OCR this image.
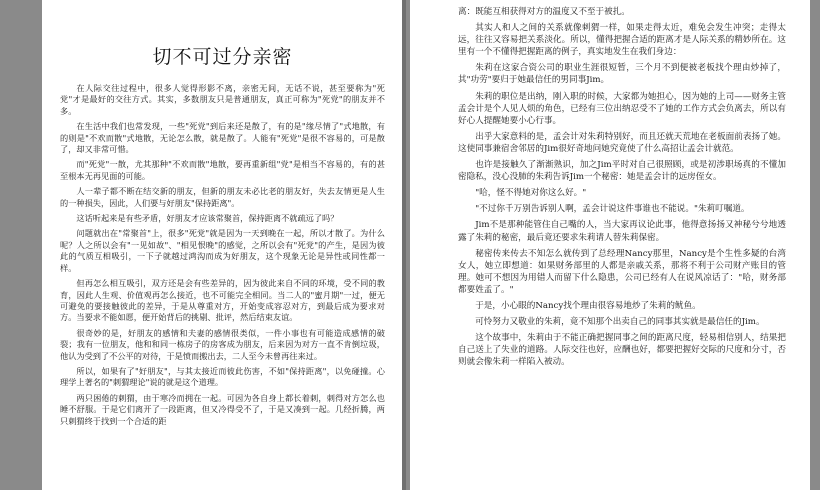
切不可过分亲密

在人际交往过程中，很多人觉得形影不离，亲密无间，无话不说，甚至要称为"死党"才是最好的交往方式。其实，多数朋友只是普通朋友，真正可称为"死党"的朋友并不多。

在生活中我们也常发现，一些"死党"到后来还是散了，有的是"缘尽情了"式地散，有的则是"不欢而散"式地散，无论怎么散，就是散了。人能有"死党"是很不容易的，可是散了，却又非常可惜。

而"死党"一散，尤其那种"不欢而散"地散，要再重新组"党"是相当不容易的，有的甚至根本无再见面的可能。

人一辈子都不断在结交新的朋友，但新的朋友未必比老的朋友好，失去友情更是人生的一种损失，因此，人们要与好朋友"保持距离"。

这话听起来是有些矛盾，好朋友才应该常聚首，保持距离不就疏远了吗？

问题就出在"常聚首"上，很多"死党"就是因为一天到晚在一起，所以才散了。为什么呢？人之所以会有"一见如故"、"相见恨晚"的感觉，之所以会有"死党"的产生，是因为彼此的气质互相吸引，一下子就越过鸿沟而成为好朋友，这个现象无论是异性或同性都一样。

但再怎么相互吸引，双方还是会有些差异的，因为彼此来自不同的环境，受不同的教育，因此人生观、价值观再怎么接近，也不可能完全相同。当二人的"蜜月期"一过，便无可避免的要接触彼此的差异，于是从尊重对方，开始变成容忍对方，到最后成为要求对方。当要求不能如愿，便开始背后的挑剔、批评，然后结束友谊。

很奇妙的是，好朋友的感情和夫妻的感情很类似，一件小事也有可能造成感情的破裂；我有一位朋友，他和和同一栋房子的房客成为朋友，后来因为对方一直不肯倒垃圾，他认为受到了不公平的对待，于是愤而搬出去，二人至今未曾再往来过。

所以，如果有了"好朋友"，与其太接近而彼此伤害，不如"保持距离"，以免碰撞。心理学上著名的"刺猬理论"说的就是这个道理。

两只困倦的刺猬，由于寒冷而拥在一起。可因为各自身上都长着刺，刺得对方怎么也睡不舒服。于是它们离开了一段距离，但又冷得受不了，于是又凑到一起。几经折腾，两只刺猬终于找到一个合适的距

离：既能互相获得对方的温度又不至于被扎。

其实人和人之间的关系就像刺猬一样，如果走得太近，难免会发生冲突；走得太远，往往又容易把关系淡化。所以，懂得把握合适的距离才是人际关系的精妙所在。这里有一个不懂得把握距离的例子，真实地发生在我们身边：

朱莉在这家合资公司的职业生涯很短暂，三个月不到便被老板找个理由炒掉了，其"功劳"要归于她最信任的男同事Jim。

朱莉的职位是出纳，刚入职的时候，大家都为她担心，因为她的上司——财务主管孟会计是个人见人烦的角色，已经有三位出纳忍受不了她的工作方式会负离去，所以有好心人提醒她要小心行事。

出乎大家意料的是，孟会计对朱莉特别好，而且还就天荒地在老板面前表扬了她。这使同事兼宿舍邻居的Jim很好奇地问她究竟使了什么高招让孟会计就范。

也许是接触久了渐渐熟识，加之Jim平时对自己很照顾，或是初涉职场真的不懂加密隐私，没心没肺的朱莉告诉Jim一个秘密：她是孟会计的远房侄女。

"哈，怪不得她对你这么好。"

"不过你千万别告诉别人啊，孟会计说这件事谁也不能说。"朱莉叮嘱道。

Jim不是那种能管住自己嘴的人，当大家再议论此事，他得意扬扬又神秘兮兮地透露了朱莉的秘密，最后竟还要求朱莉请人替朱莉保密。

秘密传来传去不知怎么就传到了总经理Nancy那里，Nancy是个生性多疑的台湾女人，她立即想道：如果财务部里的人都是亲戚关系，那将不利于公司财产账目的管理。她可不想因为用错人而留下什么隐患，公司已经有人在说风凉话了："哈，财务部都要姓孟了。"

于是，小心眼的Nancy找个理由很容易地炒了朱莉的鱿鱼。

可怜努力又敬业的朱莉，竟不知那个出卖自己的同事其实就是最信任的Jim。

这个故事中，朱莉由于不能正确把握同事之间的距离尺度，轻易相信别人，结果把自己送上了失业的道路。人际交往也好，应酬也好，都要把握好交际的尺度和分寸，否则就会像朱莉一样陷入被动。
